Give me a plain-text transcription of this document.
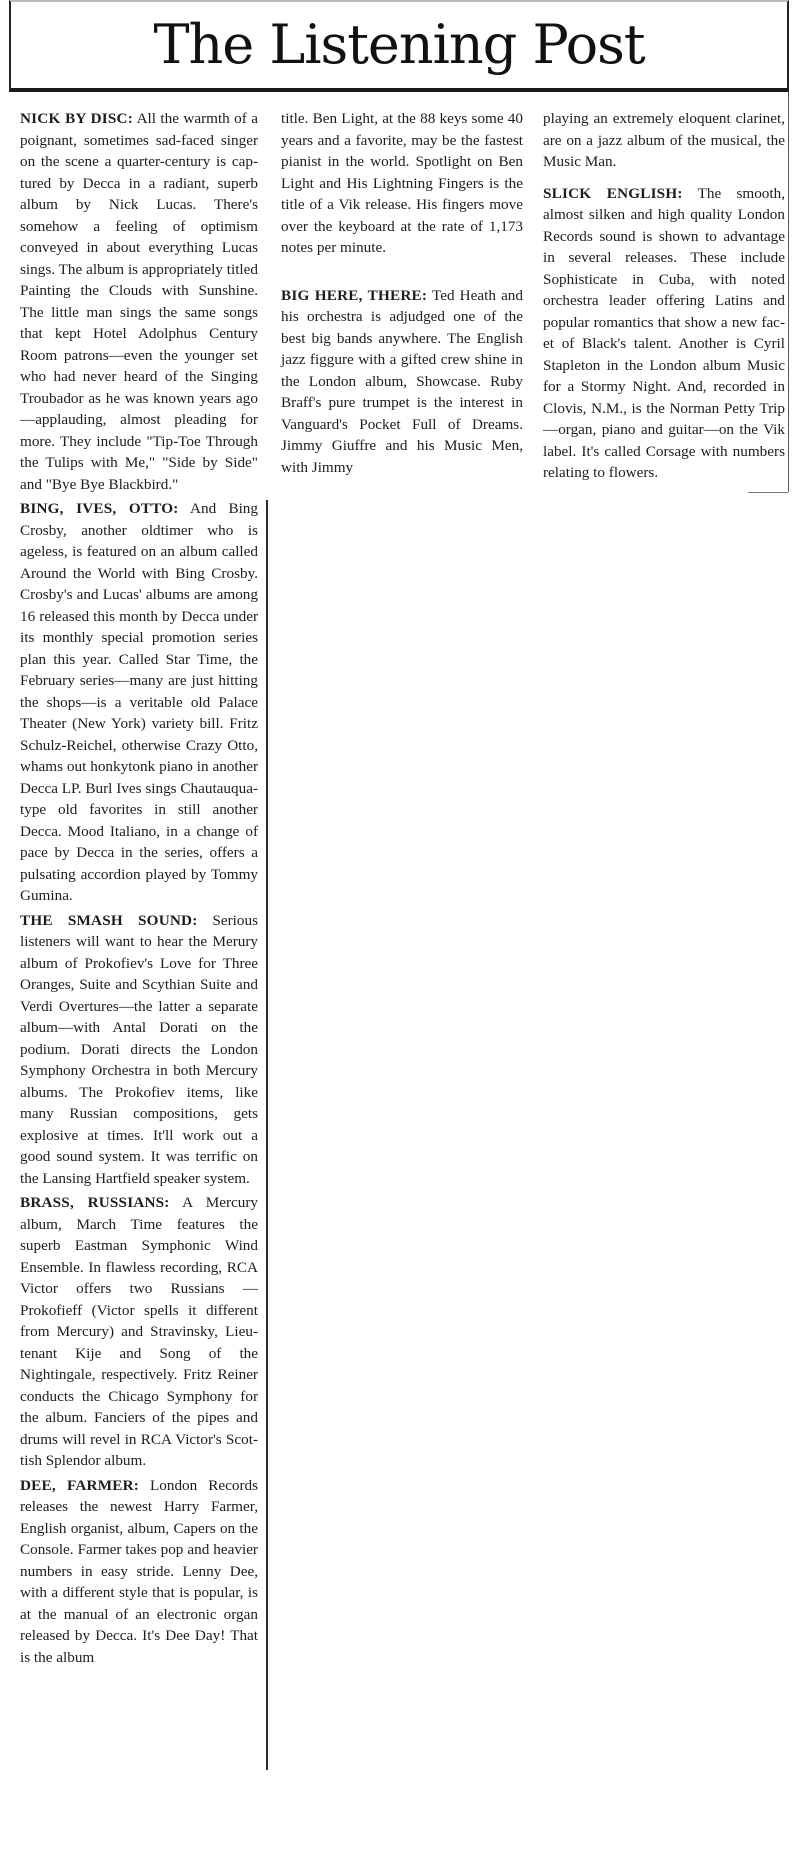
The Listening Post

NICK BY DISC: All the warmth of a poignant, sometimes sad-faced singer on the scene a quarter-century is captured by Decca in a radiant, superb album by Nick Lucas. There's somehow a feeling of optimism conveyed in about everything Lucas sings. The album is appropriately titled Painting the Clouds with Sunshine. The little man sings the same songs that kept Hotel Adolphus Century Room patrons—even the younger set who had never heard of the Singing Troubador as he was known years ago—applauding, almost pleading for more. They include "Tip-Toe Through the Tulips with Me," "Side by Side" and "Bye Bye Blackbird."

BING, IVES, OTTO: And Bing Crosby, another oldtimer who is ageless, is featured on an album called Around the World with Bing Crosby. Crosby's and Lucas' albums are among 16 released this month by Decca under its monthly special promotion series plan this year. Called Star Time, the February series—many are just hitting the shops—is a veritable old Palace Theater (New York) variety bill. Fritz Schulz-Reichel, otherwise Crazy Otto, whams out honkytonk piano in another Decca LP. Burl Ives sings Chautauqua-type old favorites in still another Decca. Mood Italiano, in a change of pace by Decca in the series, offers a pulsating accordion played by Tommy Gumina.

THE SMASH SOUND: Serious listeners will want to hear the Merury album of Prokofiev's Love for Three Oranges, Suite and Scythian Suite and Verdi Overtures—the latter a separate album—with Antal Dorati on the podium. Dorati directs the London Symphony Orchestra in both Mercury albums. The Prokofiev items, like many Russian compositions, gets explosive at times. It'll work out a good sound system. It was terrific on the Lansing Hartfield speaker system.

BRASS, RUSSIANS: A Mercury album, March Time features the superb Eastman Symphonic Wind Ensemble. In flawless recording, RCA Victor offers two Russians — Prokofieff (Victor spells it different from Mercury) and Stravinsky, Lieutenant Kije and Song of the Nightingale, respectively. Fritz Reiner conducts the Chicago Symphony for the album. Fanciers of the pipes and drums will revel in RCA Victor's Scottish Splendor album.

DEE, FARMER: London Records releases the newest Harry Farmer, English organist, album, Capers on the Console. Farmer takes pop and heavier numbers in easy stride. Lenny Dee, with a different style that is popular, is at the manual of an electronic organ released by Decca. It's Dee Day! That is the album

title. Ben Light, at the 88 keys some 40 years and a favorite, may be the fastest pianist in the world. Spotlight on Ben Light and His Lightning Fingers is the title of a Vik release. His fingers move over the keyboard at the rate of 1,173 notes per minute.

BIG HERE, THERE: Ted Heath and his orchestra is adjudged one of the best big bands anywhere. The English jazz figgure with a gifted crew shine in the London album, Showcase. Ruby Braff's pure trumpet is the interest in Vanguard's Pocket Full of Dreams. Jimmy Giuffre and his Music Men, with Jimmy

playing an extremely eloquent clarinet, are on a jazz album of the musical, the Music Man.

SLICK ENGLISH: The smooth, almost silken and high quality London Records sound is shown to advantage in several releases. These include Sophisticate in Cuba, with noted orchestra leader offering Latins and popular romantics that show a new facet of Black's talent. Another is Cyril Stapleton in the London album Music for a Stormy Night. And, recorded in Clovis, N.M., is the Norman Petty Trip—organ, piano and guitar—on the Vik label. It's called Corsage with numbers relating to flowers.
